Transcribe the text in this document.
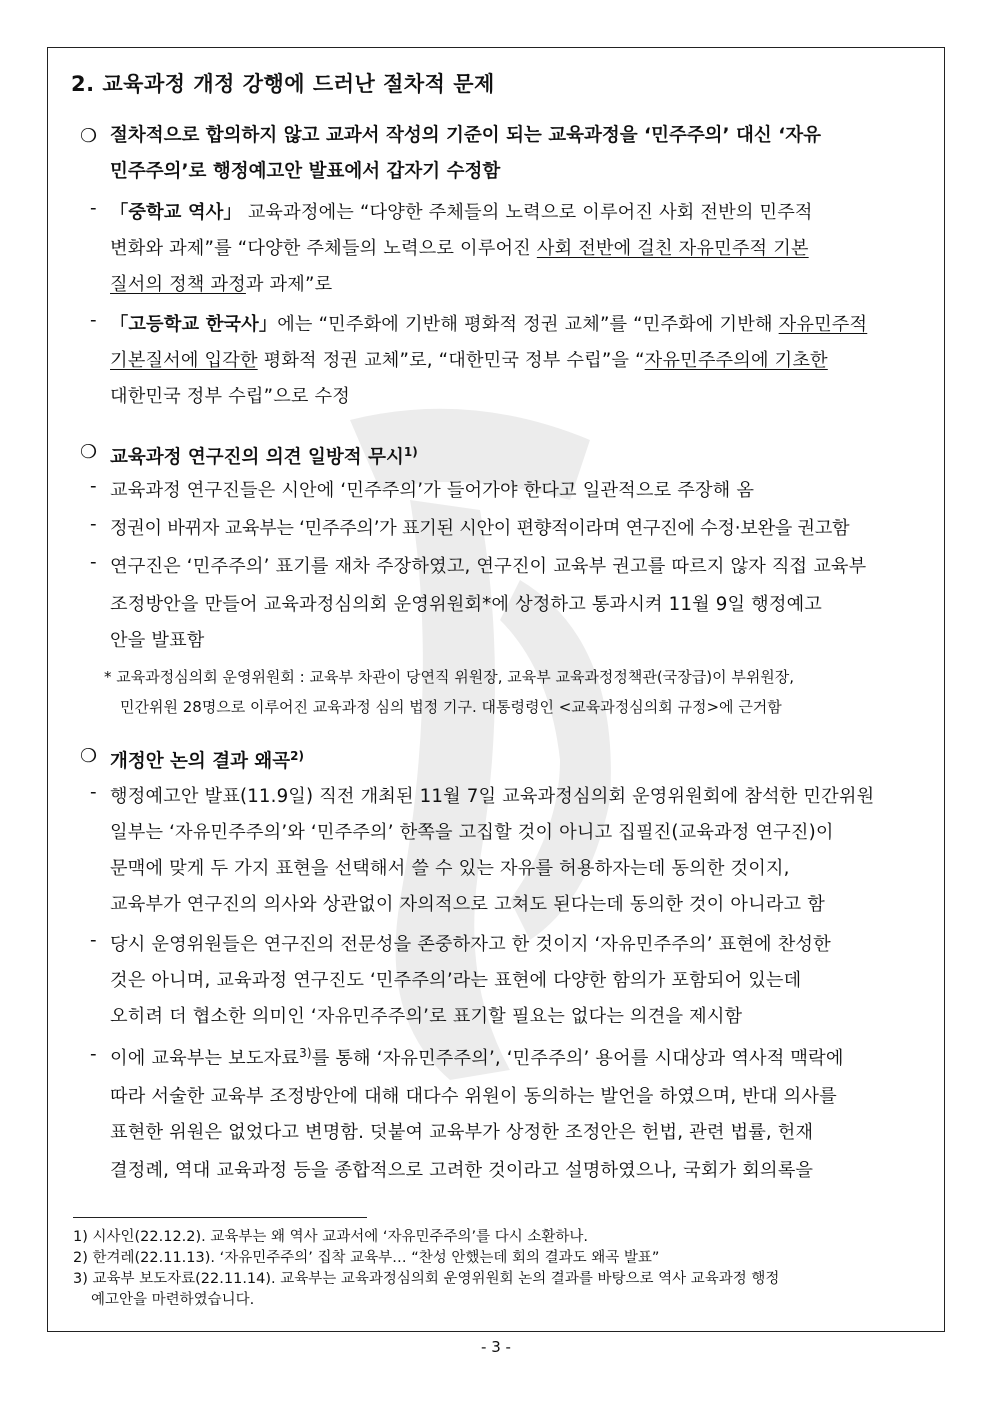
2. 교육과정 개정 강행에 드러난 절차적 문제
❍ 절차적으로 합의하지 않고 교과서 작성의 기준이 되는 교육과정을 ‘민주주의’ 대신 ‘자유
민주주의’로 행정예고안 발표에서 갑자기 수정함
- 「중학교 역사」 교육과정에는 “다양한 주체들의 노력으로 이루어진 사회 전반의 민주적
변화와 과제”를 “다양한 주체들의 노력으로 이루어진 사회 전반에 걸친 자유민주적 기본
질서의 정책 과정과 과제”로
- 「고등학교 한국사」에는 “민주화에 기반해 평화적 정권 교체”를 “민주화에 기반해 자유민주적
기본질서에 입각한 평화적 정권 교체”로, “대한민국 정부 수립”을 “자유민주주의에 기초한
대한민국 정부 수립”으로 수정
❍ 교육과정 연구진의 의견 일방적 무시$^{1)}$
- 교육과정 연구진들은 시안에 ‘민주주의’가 들어가야 한다고 일관적으로 주장해 옴
- 정권이 바뀌자 교육부는 ‘민주주의’가 표기된 시안이 편향적이라며 연구진에 수정·보완을 권고함
- 연구진은 ‘민주주의’ 표기를 재차 주장하였고, 연구진이 교육부 권고를 따르지 않자 직접 교육부
조정방안을 만들어 교육과정심의회 운영위원회*에 상정하고 통과시켜 11월 9일 행정예고
안을 발표함
* 교육과정심의회 운영위원회 : 교육부 차관이 당연직 위원장, 교육부 교육과정정책관(국장급)이 부위원장,
민간위원 28명으로 이루어진 교육과정 심의 법정 기구. 대통령령인 <교육과정심의회 규정>에 근거함
❍ 개정안 논의 결과 왜곡$^{2)}$
- 행정예고안 발표(11.9일) 직전 개최된 11월 7일 교육과정심의회 운영위원회에 참석한 민간위원
일부는 ‘자유민주주의’와 ‘민주주의’ 한쪽을 고집할 것이 아니고 집필진(교육과정 연구진)이
문맥에 맞게 두 가지 표현을 선택해서 쓸 수 있는 자유를 허용하자는데 동의한 것이지,
교육부가 연구진의 의사와 상관없이 자의적으로 고쳐도 된다는데 동의한 것이 아니라고 함
- 당시 운영위원들은 연구진의 전문성을 존중하자고 한 것이지 ‘자유민주주의’ 표현에 찬성한
것은 아니며, 교육과정 연구진도 ‘민주주의’라는 표현에 다양한 함의가 포함되어 있는데
오히려 더 협소한 의미인 ‘자유민주주의’로 표기할 필요는 없다는 의견을 제시함
- 이에 교육부는 보도자료$^{3)}$를 통해 ‘자유민주주의’, ‘민주주의’ 용어를 시대상과 역사적 맥락에
따라 서술한 교육부 조정방안에 대해 대다수 위원이 동의하는 발언을 하였으며, 반대 의사를
표현한 위원은 없었다고 변명함. 덧붙여 교육부가 상정한 조정안은 헌법, 관련 법률, 헌재
결정례, 역대 교육과정 등을 종합적으로 고려한 것이라고 설명하였으나, 국회가 회의록을
1) 시사인(22.12.2). 교육부는 왜 역사 교과서에 ‘자유민주주의’를 다시 소환하나.
2) 한겨레(22.11.13). ‘자유민주주의’ 집착 교육부… “찬성 안했는데 회의 결과도 왜곡 발표”
3) 교육부 보도자료(22.11.14). 교육부는 교육과정심의회 운영위원회 논의 결과를 바탕으로 역사 교육과정 행정
예고안을 마련하였습니다.
- 3 -
